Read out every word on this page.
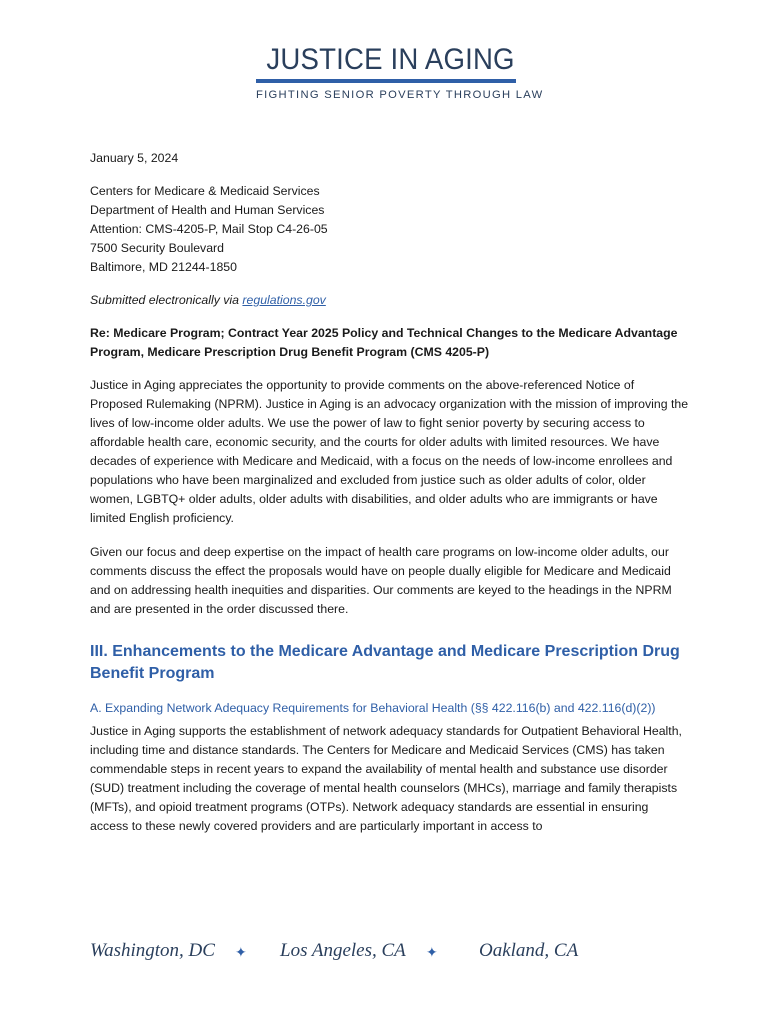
JUSTICE IN AGING
FIGHTING SENIOR POVERTY THROUGH LAW

January 5, 2024

Centers for Medicare & Medicaid Services
Department of Health and Human Services
Attention: CMS-4205-P, Mail Stop C4-26-05
7500 Security Boulevard
Baltimore, MD 21244-1850

Submitted electronically via regulations.gov

Re: Medicare Program; Contract Year 2025 Policy and Technical Changes to the Medicare Advantage Program, Medicare Prescription Drug Benefit Program (CMS 4205-P)

Justice in Aging appreciates the opportunity to provide comments on the above-referenced Notice of Proposed Rulemaking (NPRM). Justice in Aging is an advocacy organization with the mission of improving the lives of low-income older adults. We use the power of law to fight senior poverty by securing access to affordable health care, economic security, and the courts for older adults with limited resources. We have decades of experience with Medicare and Medicaid, with a focus on the needs of low-income enrollees and populations who have been marginalized and excluded from justice such as older adults of color, older women, LGBTQ+ older adults, older adults with disabilities, and older adults who are immigrants or have limited English proficiency.

Given our focus and deep expertise on the impact of health care programs on low-income older adults, our comments discuss the effect the proposals would have on people dually eligible for Medicare and Medicaid and on addressing health inequities and disparities. Our comments are keyed to the headings in the NPRM and are presented in the order discussed there.

III. Enhancements to the Medicare Advantage and Medicare Prescription Drug Benefit Program

A. Expanding Network Adequacy Requirements for Behavioral Health (§§ 422.116(b) and 422.116(d)(2))

Justice in Aging supports the establishment of network adequacy standards for Outpatient Behavioral Health, including time and distance standards. The Centers for Medicare and Medicaid Services (CMS) has taken commendable steps in recent years to expand the availability of mental health and substance use disorder (SUD) treatment including the coverage of mental health counselors (MHCs), marriage and family therapists (MFTs), and opioid treatment programs (OTPs). Network adequacy standards are essential in ensuring access to these newly covered providers and are particularly important in access to

Washington, DC ✦ Los Angeles, CA ✦ Oakland, CA
